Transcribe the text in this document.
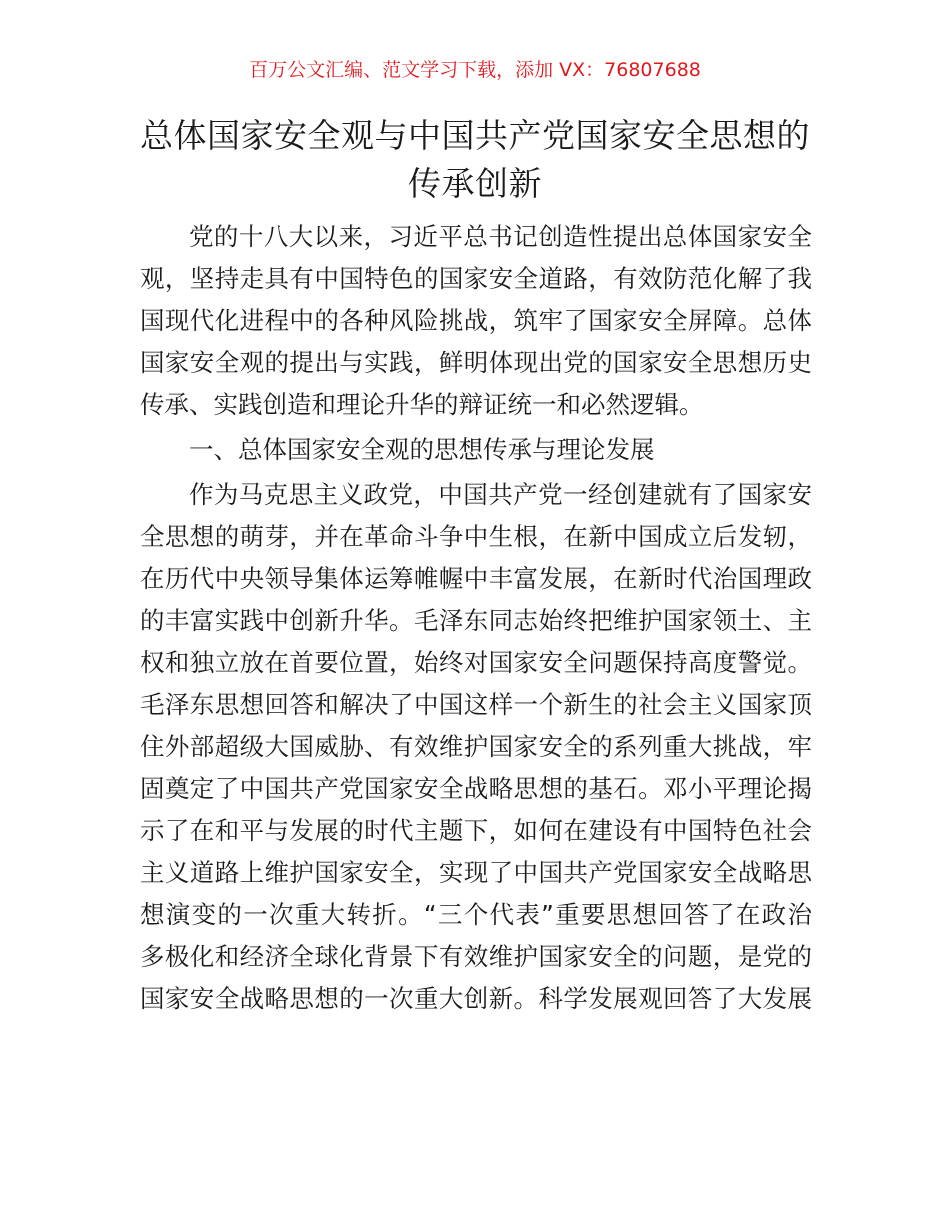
百万公文汇编、范文学习下载，添加 VX：76807688
总体国家安全观与中国共产党国家安全思想的
传承创新
党的十八大以来，习近平总书记创造性提出总体国家安全
观，坚持走具有中国特色的国家安全道路，有效防范化解了我
国现代化进程中的各种风险挑战，筑牢了国家安全屏障。总体
国家安全观的提出与实践，鲜明体现出党的国家安全思想历史
传承、实践创造和理论升华的辩证统一和必然逻辑。
一、总体国家安全观的思想传承与理论发展
作为马克思主义政党，中国共产党一经创建就有了国家安
全思想的萌芽，并在革命斗争中生根，在新中国成立后发轫，
在历代中央领导集体运筹帷幄中丰富发展，在新时代治国理政
的丰富实践中创新升华。毛泽东同志始终把维护国家领土、主
权和独立放在首要位置，始终对国家安全问题保持高度警觉。
毛泽东思想回答和解决了中国这样一个新生的社会主义国家顶
住外部超级大国威胁、有效维护国家安全的系列重大挑战，牢
固奠定了中国共产党国家安全战略思想的基石。邓小平理论揭
示了在和平与发展的时代主题下，如何在建设有中国特色社会
主义道路上维护国家安全，实现了中国共产党国家安全战略思
想演变的一次重大转折。“三个代表”重要思想回答了在政治
多极化和经济全球化背景下有效维护国家安全的问题，是党的
国家安全战略思想的一次重大创新。科学发展观回答了大发展
